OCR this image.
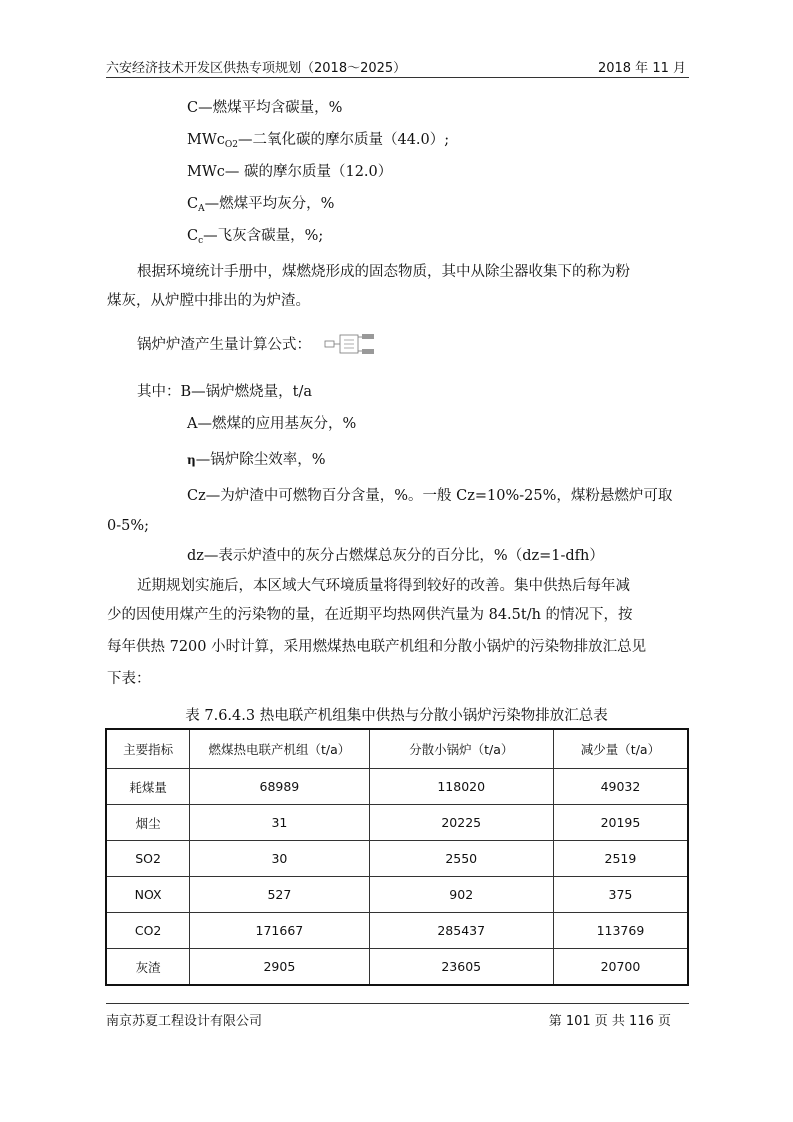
六安经济技术开发区供热专项规划（2018～2025）	2018 年 11 月
C—燃煤平均含碳量，%
MWc$_{O2}$—二氧化碳的摩尔质量（44.0）;
MWc— 碳的摩尔质量（12.0）
$C_A—$燃煤平均灰分，%
$C_c—$飞灰含碳量，%;
根据环境统计手册中，煤燃烧形成的固态物质，其中从除尘器收集下的称为粉
煤灰，从炉膛中排出的为炉渣。
锅炉炉渣产生量计算公式：
其中：B—锅炉燃烧量，t/a
A—燃煤的应用基灰分，%
η—锅炉除尘效率，%
Cz—为炉渣中可燃物百分含量，%。一般 Cz=10%-25%，煤粉悬燃炉可取
0-5%;
dz—表示炉渣中的灰分占燃煤总灰分的百分比，%（dz=1-dfh）
近期规划实施后，本区域大气环境质量将得到较好的改善。集中供热后每年减
少的因使用煤产生的污染物的量，在近期平均热网供汽量为 84.5t/h 的情况下，按
每年供热 7200 小时计算，采用燃煤热电联产机组和分散小锅炉的污染物排放汇总见
下表：
表 7.6.4.3 热电联产机组集中供热与分散小锅炉污染物排放汇总表
主要指标	燃煤热电联产机组（t/a）	分散小锅炉（t/a）	减少量（t/a）
耗煤量	68989	118020	49032
烟尘	31	20225	20195
SO2	30	2550	2519
NOX	527	902	375
CO2	171667	285437	113769
灰渣	2905	23605	20700
南京苏夏工程设计有限公司	第 101 页 共 116 页
